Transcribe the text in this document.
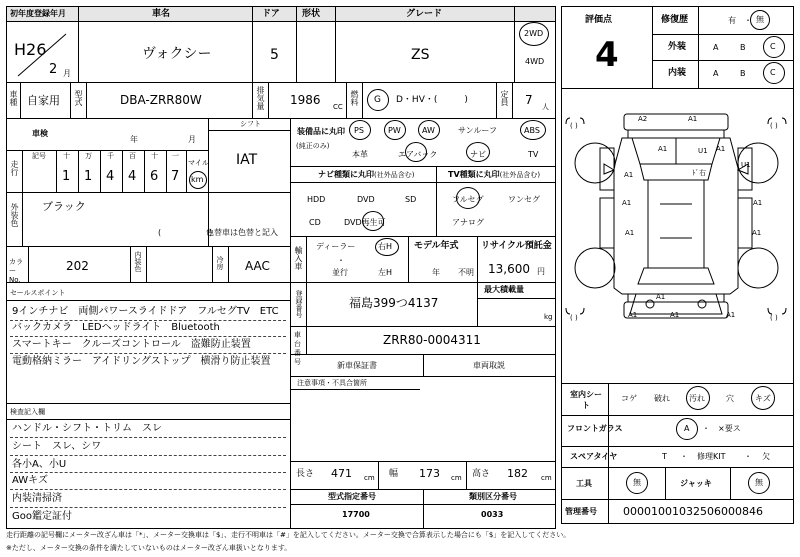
初年度登録年月	車名	ドア 形状	グレード
H26
2 月
ヴォクシー	5	ZS
2WD
4WD
車種 自家用 型式	DBA-ZRR80W	排気量 1986 CC
燃料 G D・HV・(　　　)	定員 7 人
車検
年	月
シフト
IAT
走行
記号 十 万 千 百 十 一
1 1 4 4 6 7
マイル
km
外装色 ブラック
(　　　　　　)
色替車は色替と記入
カラーNo.
202	内装色	冷房 AAC
装備品に丸印
(純正のみ)
PS	PW	AW	サンルーフ	ABS
本革	エアバック	ナビ	TV
ナビ種類に丸印(社外品含む)
HDD	DVD	SD
CD	DVD再生可
TV種類に丸印(社外品含む)
フルセグ	ワンセグ
アナログ
輸入車 ディーラー
・
並行
右H
左H
モデル年式
年 不明
リサイクル預託金
13,600 円
セールスポイント
9インチナビ　両側パワースライドドア　フルセグTV　ETC
バックカメラ　LEDヘッドライト　Bluetooth
スマートキー　クルーズコントロール　盗難防止装置
電動格納ミラー　アイドリングストップ　横滑り防止装置
登録番号	福島399つ4137
最大積載量
kg
車台番号
ZRR80-0004311
新車保証書	車両取説
注意事項・不具合箇所
検査記入欄
ハンドル・シフト・トリム　スレ
シート　スレ、シワ
各小A、小U
AWキズ
内装清掃済
Goo鑑定証付
長さ 471 cm 幅 173 cm 高さ 182 cm
型式指定番号
17700
類別区分番号
0033
評価点
4
修復歴	有 ・ 無
外装	A	B	C
内装	A	B	C
( )	( )
( )	( )
A2	A1
A1	A1
U1
U1
A1	ﾄﾞ右
A1	A1
A1	A1
A1	A1	A1
A1
室内シート
コゲ 破れ 汚れ	穴	キズ
フロントガラス	A ・ ×要ス
スペアタイヤ	T ・ 修理KIT ・ 欠
工具	無	ジャッキ	無
管理番号 0000100103250600084​6
走行距離の記号欄にメーター改ざん車は「*」、メーター交換車は「$」、走行不明車は「#」を記入してください。メーター交換で合算表示した場合にも「$」を記入してください。
※ただし、メーター交換の条件を満たしていないものはメーター改ざん車扱いとなります。
